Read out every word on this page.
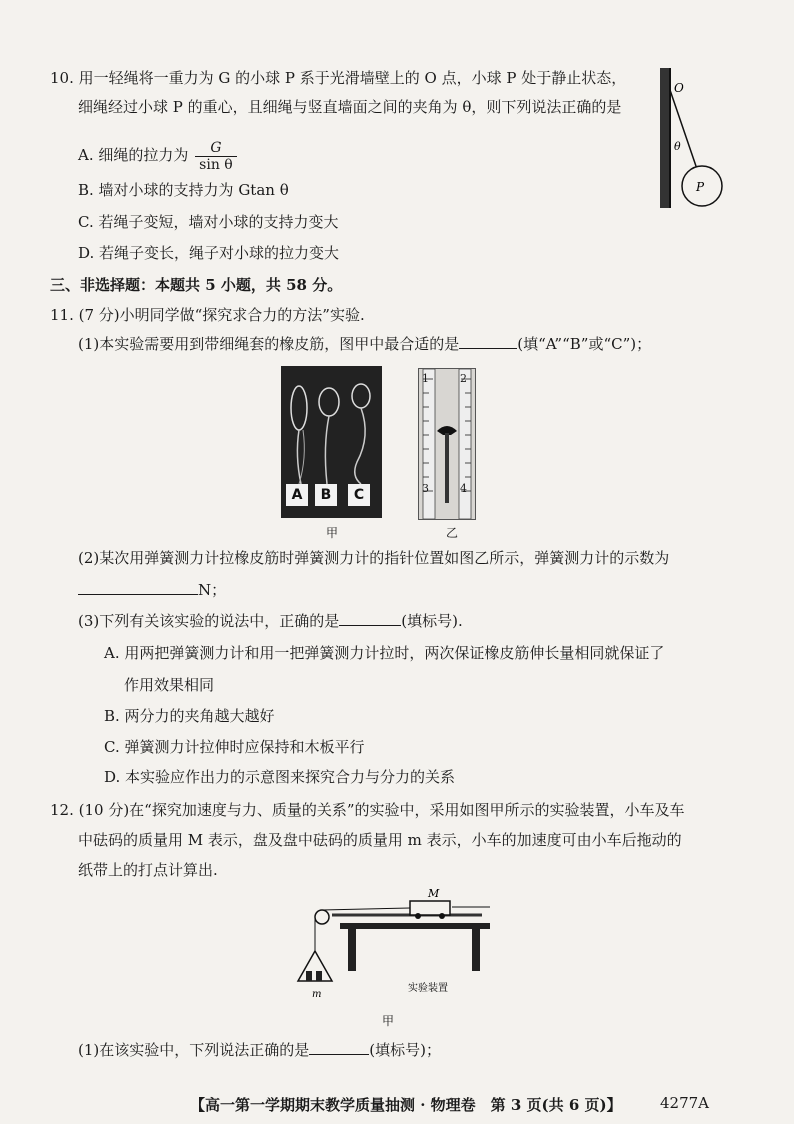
10. 用一轻绳将一重力为 G 的小球 P 系于光滑墙壁上的 O 点，小球 P 处于静止状态，
细绳经过小球 P 的重心，且细绳与竖直墙面之间的夹角为 θ，则下列说法正确的是
A. 细绳的拉力为 $\frac{G}{\text{sin θ}}$
B. 墙对小球的支持力为 Gtan θ
C. 若绳子变短，墙对小球的支持力变大
D. 若绳子变长，绳子对小球的拉力变大
O
θ
P
三、非选择题：本题共 5 小题，共 58 分。
11. (7 分)小明同学做“探究求合力的方法”实验.
(1)本实验需要用到带细绳套的橡皮筋，图甲中最合适的是	(填“A”“B”或“C”)；
A	B	C
甲
1	2
3	4
乙
(2)某次用弹簧测力计拉橡皮筋时弹簧测力计的指针位置如图乙所示，弹簧测力计的示数为
N；
(3)下列有关该实验的说法中，正确的是	(填标号).
A. 用两把弹簧测力计和用一把弹簧测力计拉时，两次保证橡皮筋伸长量相同就保证了
作用效果相同
B. 两分力的夹角越大越好
C. 弹簧测力计拉伸时应保持和木板平行
D. 本实验应作出力的示意图来探究合力与分力的关系
12. (10 分)在“探究加速度与力、质量的关系”的实验中，采用如图甲所示的实验装置，小车及车
中砝码的质量用 M 表示，盘及盘中砝码的质量用 m 表示，小车的加速度可由小车后拖动的
纸带上的打点计算出.
M
m
实验装置
甲
(1)在该实验中，下列说法正确的是	(填标号)；
【高一第一学期期末教学质量抽测 · 物理卷　第 3 页(共 6 页)】	4277A
